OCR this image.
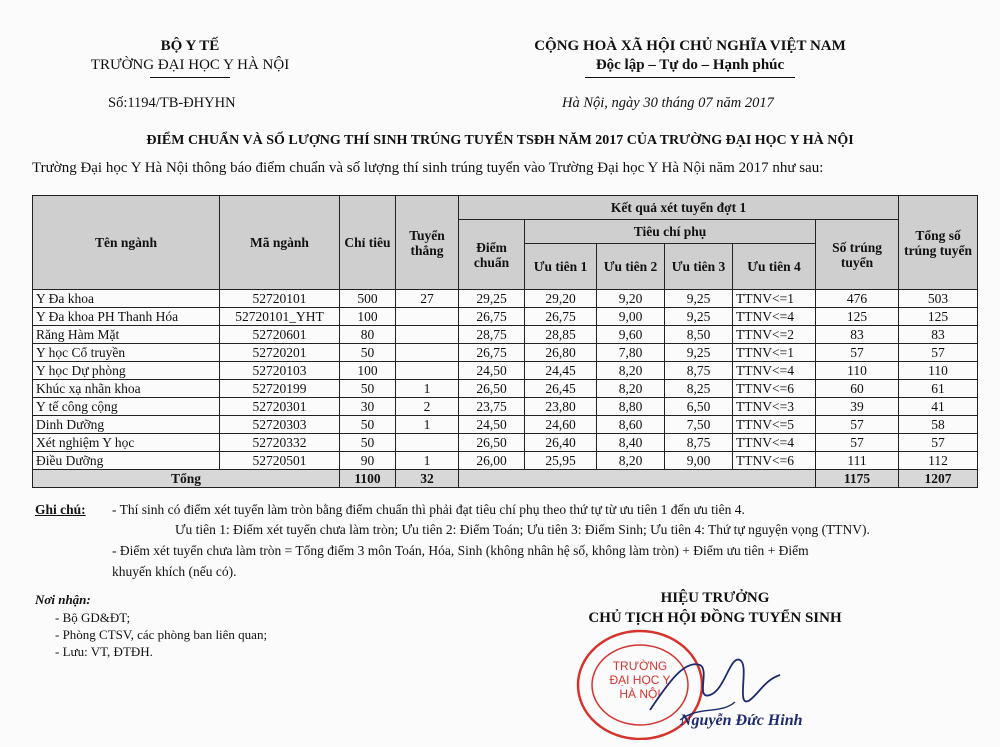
BỘ Y TẾ
TRƯỜNG ĐẠI HỌC Y HÀ NỘI
Số:1194/TB-ĐHYHN
CỘNG HOÀ XÃ HỘI CHỦ NGHĨA VIỆT NAM
Độc lập – Tự do – Hạnh phúc
Hà Nội, ngày 30 tháng 07 năm 2017
ĐIỂM CHUẨN VÀ SỐ LƯỢNG THÍ SINH TRÚNG TUYỂN TSĐH NĂM 2017 CỦA TRƯỜNG ĐẠI HỌC Y HÀ NỘI
Trường Đại học Y Hà Nội thông báo điểm chuẩn và số lượng thí sinh trúng tuyển vào Trường Đại học Y Hà Nội năm 2017 như sau:
Tên ngành	Mã ngành	Chỉ tiêu	Tuyển thẳng	Kết quả xét tuyển đợt 1						Tổng số trúng tuyển
				Điểm chuẩn	Tiêu chí phụ				Số trúng tuyển	
					Ưu tiên 1	Ưu tiên 2	Ưu tiên 3	Ưu tiên 4		
Y Đa khoa	52720101	500	27	29,25	29,20	9,20	9,25	TTNV<=1	476	503
Y Đa khoa PH Thanh Hóa	52720101_YHT	100		26,75	26,75	9,00	9,25	TTNV<=4	125	125
Răng Hàm Mặt	52720601	80		28,75	28,85	9,60	8,50	TTNV<=2	83	83
Y học Cổ truyền	52720201	50		26,75	26,80	7,80	9,25	TTNV<=1	57	57
Y học Dự phòng	52720103	100		24,50	24,45	8,20	8,75	TTNV<=4	110	110
Khúc xạ nhãn khoa	52720199	50	1	26,50	26,45	8,20	8,25	TTNV<=6	60	61
Y tế công cộng	52720301	30	2	23,75	23,80	8,80	6,50	TTNV<=3	39	41
Dinh Dưỡng	52720303	50	1	24,50	24,60	8,60	7,50	TTNV<=5	57	58
Xét nghiệm Y học	52720332	50		26,50	26,40	8,40	8,75	TTNV<=4	57	57
Điều Dưỡng	52720501	90	1	26,00	25,95	8,20	9,00	TTNV<=6	111	112
Tổng		1100	32						1175	1207
Ghi chú: - Thí sinh có điểm xét tuyển làm tròn bằng điểm chuẩn thì phải đạt tiêu chí phụ theo thứ tự từ ưu tiên 1 đến ưu tiên 4.
Ưu tiên 1: Điểm xét tuyển chưa làm tròn; Ưu tiên 2: Điểm Toán; Ưu tiên 3: Điểm Sinh; Ưu tiên 4: Thứ tự nguyện vọng (TTNV).
- Điểm xét tuyển chưa làm tròn = Tổng điểm 3 môn Toán, Hóa, Sinh (không nhân hệ số, không làm tròn) + Điểm ưu tiên + Điểm
khuyến khích (nếu có).
Nơi nhận:
- Bộ GD&ĐT;
- Phòng CTSV, các phòng ban liên quan;
- Lưu: VT, ĐTĐH.
HIỆU TRƯỞNG
CHỦ TỊCH HỘI ĐỒNG TUYỂN SINH
TRƯỜNG
ĐẠI HỌC Y
HÀ NỘI
Nguyễn Đức Hinh
